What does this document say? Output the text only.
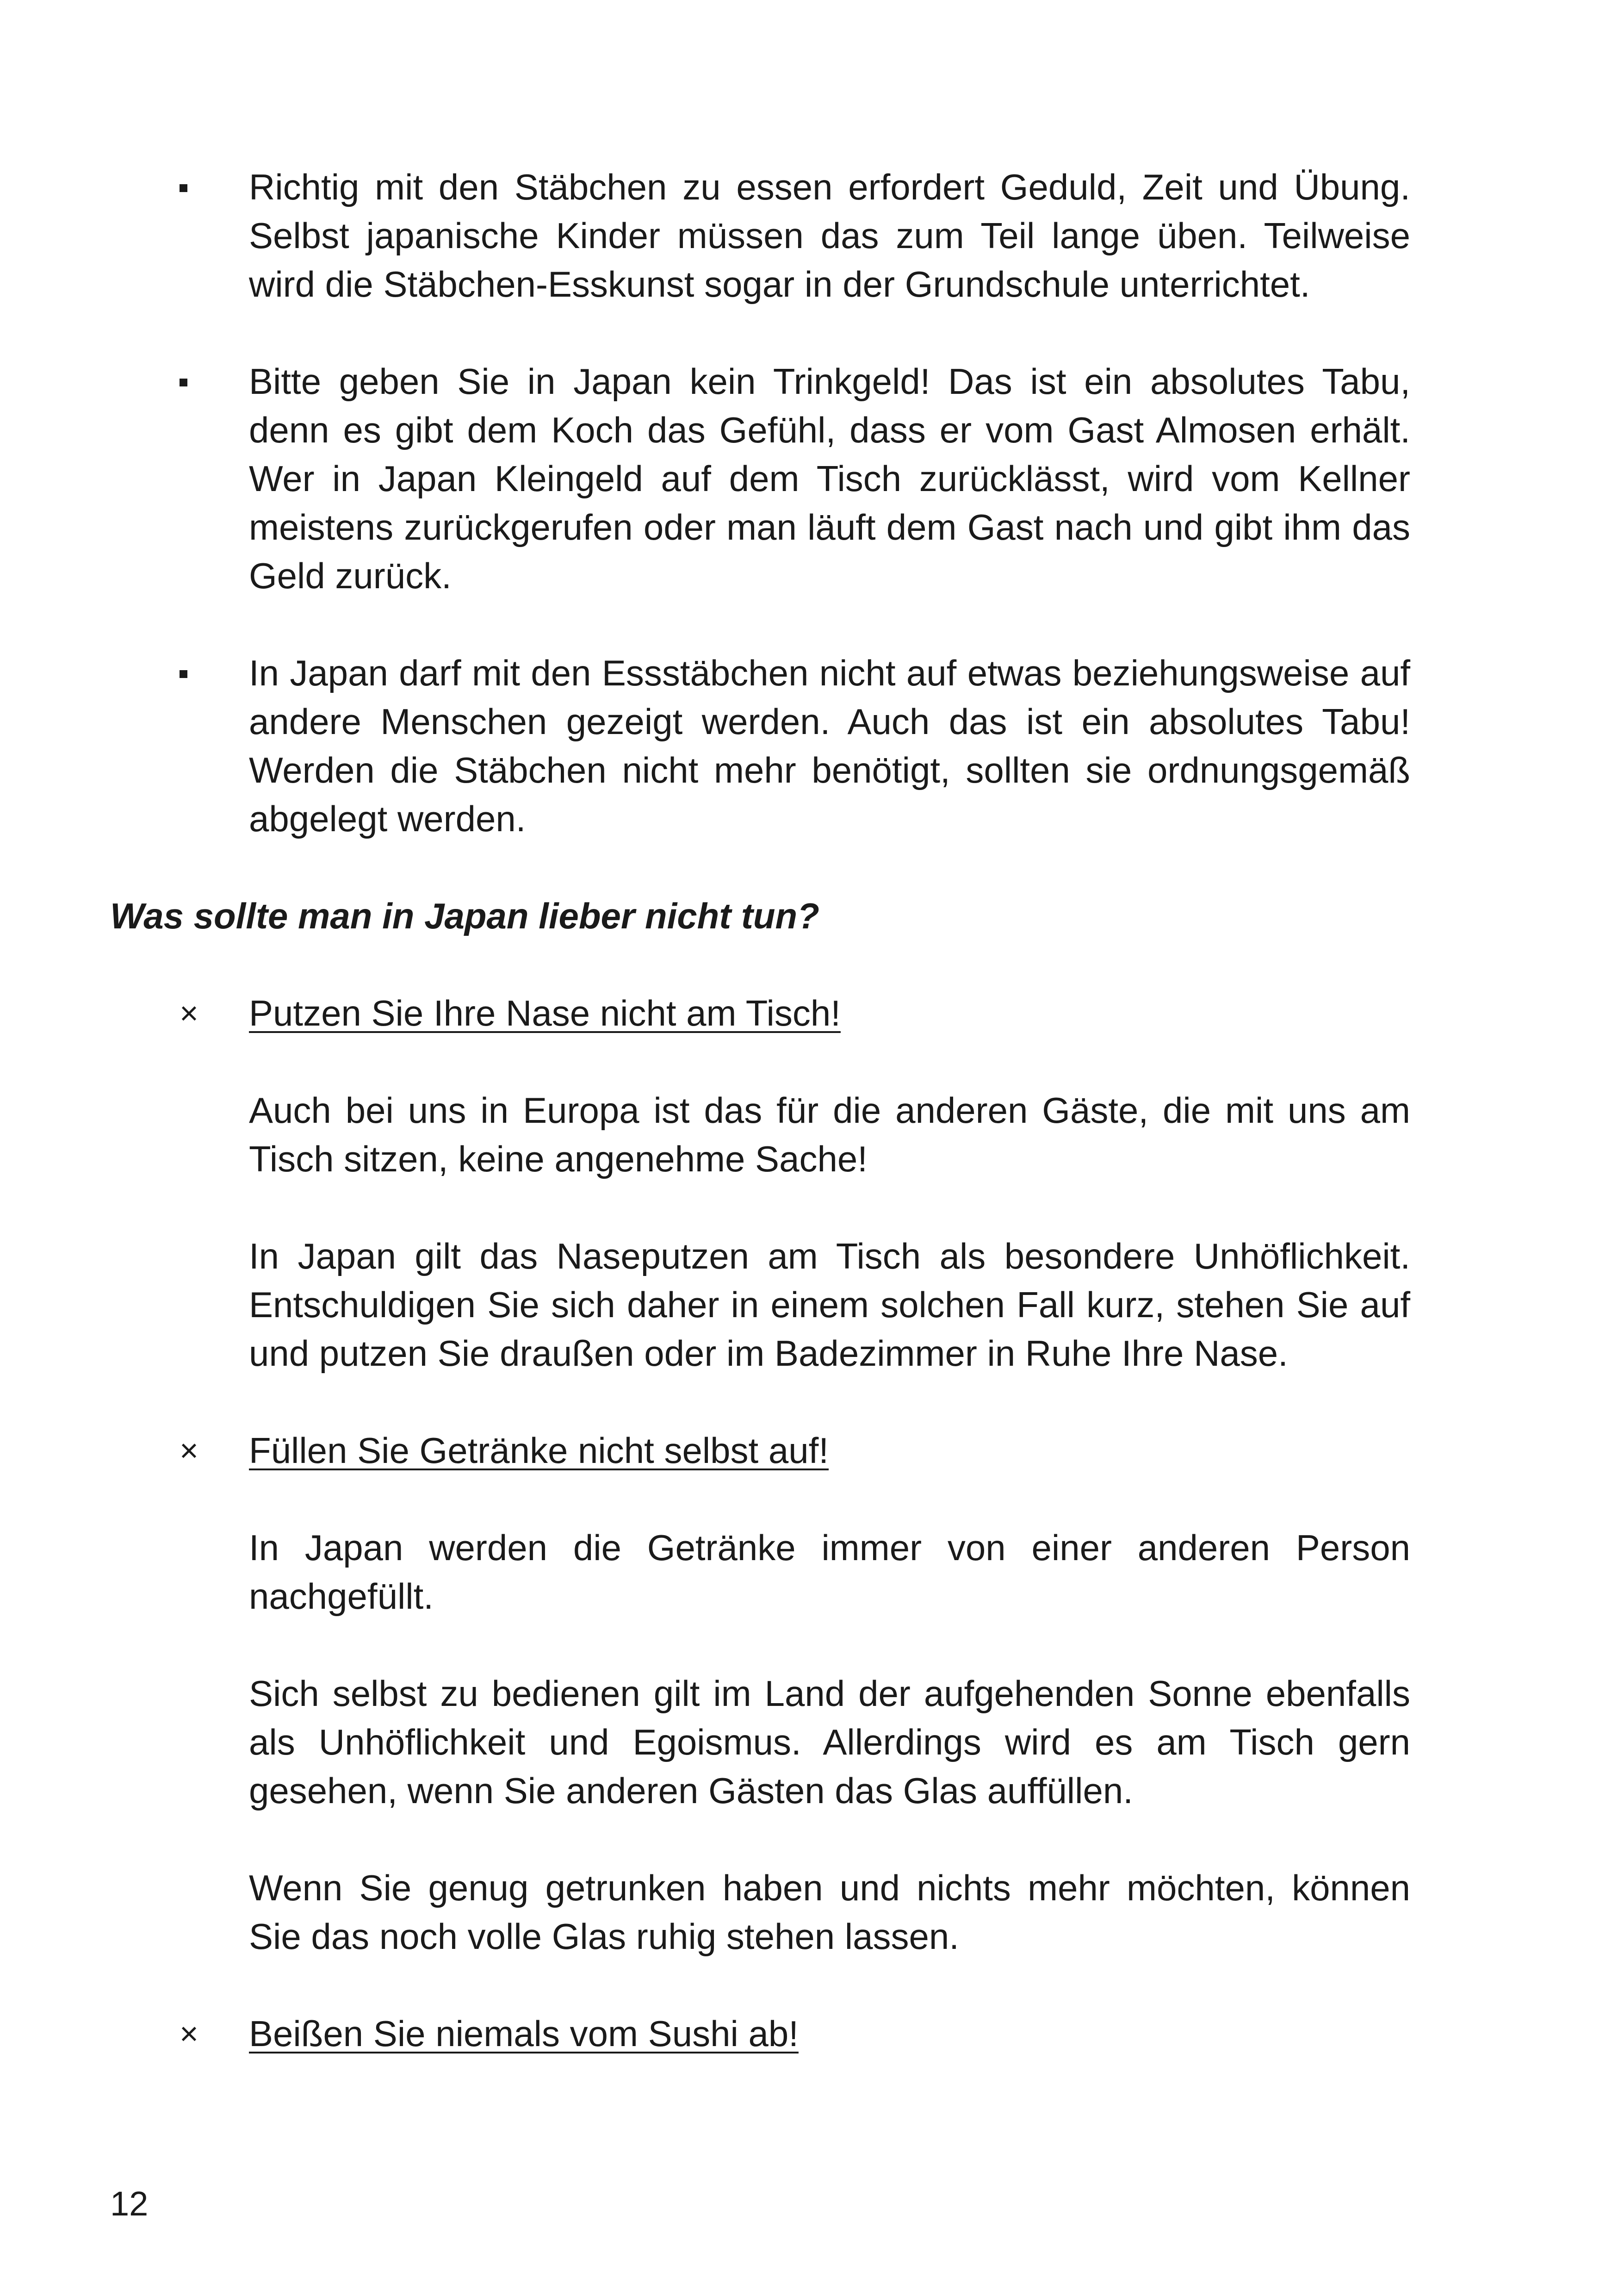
Richtig mit den Stäbchen zu essen erfordert Geduld, Zeit und Übung. Selbst japanische Kinder müssen das zum Teil lange üben. Teilweise wird die Stäbchen-Esskunst sogar in der Grundschule unterrichtet.
Bitte geben Sie in Japan kein Trinkgeld! Das ist ein absolutes Tabu, denn es gibt dem Koch das Gefühl, dass er vom Gast Almosen erhält. Wer in Japan Kleingeld auf dem Tisch zurücklässt, wird vom Kellner meistens zurückgerufen oder man läuft dem Gast nach und gibt ihm das Geld zurück.
In Japan darf mit den Essstäbchen nicht auf etwas beziehungsweise auf andere Menschen gezeigt werden. Auch das ist ein absolutes Tabu! Werden die Stäbchen nicht mehr benötigt, sollten sie ordnungsgemäß abgelegt werden.
Was sollte man in Japan lieber nicht tun?
×	Putzen Sie Ihre Nase nicht am Tisch!
Auch bei uns in Europa ist das für die anderen Gäste, die mit uns am Tisch sitzen, keine angenehme Sache!
In Japan gilt das Naseputzen am Tisch als besondere Unhöflichkeit. Entschuldigen Sie sich daher in einem solchen Fall kurz, stehen Sie auf und putzen Sie draußen oder im Badezimmer in Ruhe Ihre Nase.
×	Füllen Sie Getränke nicht selbst auf!
In Japan werden die Getränke immer von einer anderen Person nachgefüllt.
Sich selbst zu bedienen gilt im Land der aufgehenden Sonne ebenfalls als Unhöflichkeit und Egoismus. Allerdings wird es am Tisch gern gesehen, wenn Sie anderen Gästen das Glas auffüllen.
Wenn Sie genug getrunken haben und nichts mehr möchten, können Sie das noch volle Glas ruhig stehen lassen.
×	Beißen Sie niemals vom Sushi ab!
12
